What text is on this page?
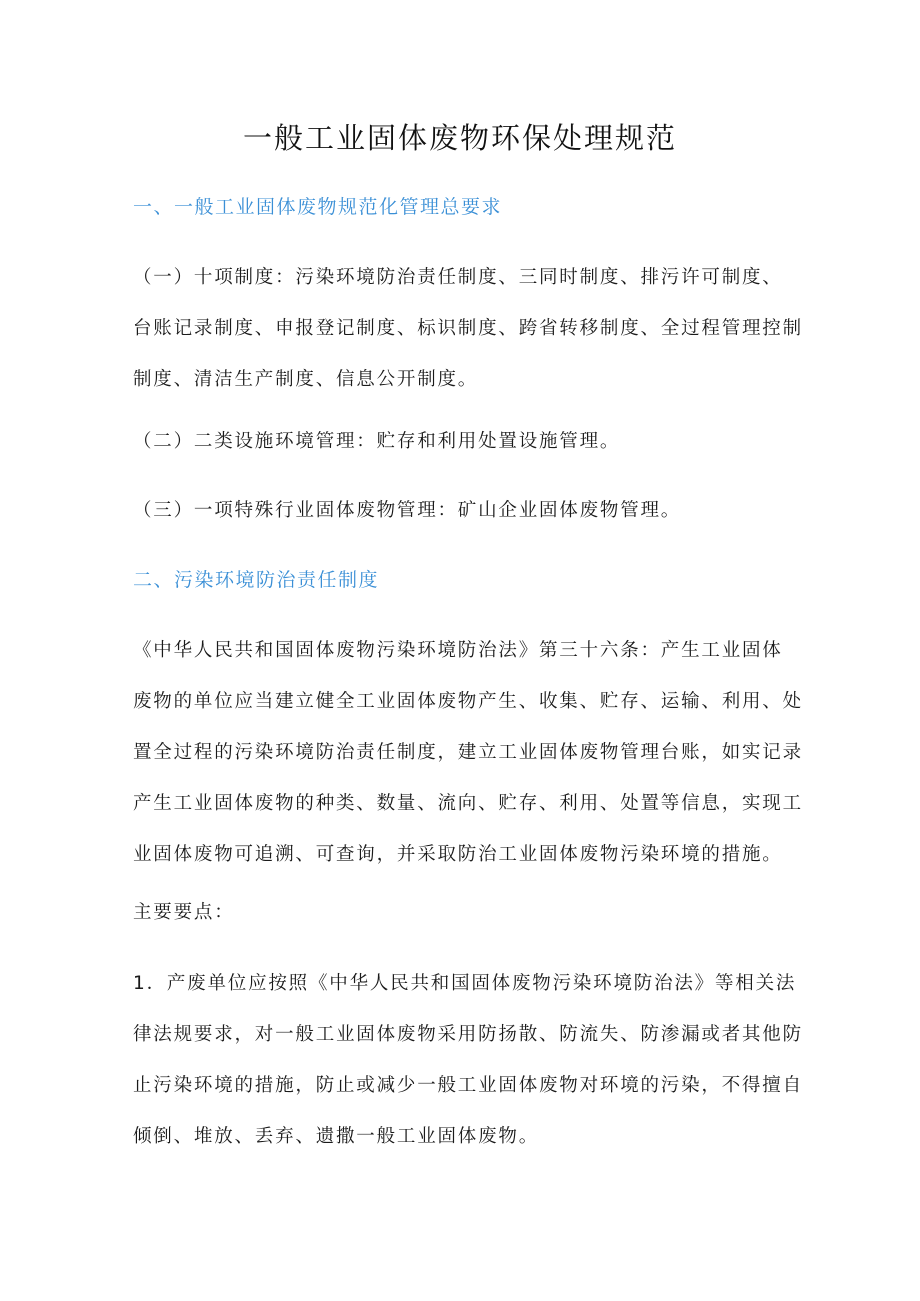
一般工业固体废物环保处理规范
一、一般工业固体废物规范化管理总要求
（一）十项制度：污染环境防治责任制度、三同时制度、排污许可制度、
台账记录制度、申报登记制度、标识制度、跨省转移制度、全过程管理控制
制度、清洁生产制度、信息公开制度。
（二）二类设施环境管理：贮存和利用处置设施管理。
（三）一项特殊行业固体废物管理：矿山企业固体废物管理。
二、污染环境防治责任制度
《中华人民共和国固体废物污染环境防治法》第三十六条：产生工业固体
废物的单位应当建立健全工业固体废物产生、收集、贮存、运输、利用、处
置全过程的污染环境防治责任制度，建立工业固体废物管理台账，如实记录
产生工业固体废物的种类、数量、流向、贮存、利用、处置等信息，实现工
业固体废物可追溯、可查询，并采取防治工业固体废物污染环境的措施。
主要要点：
1．产废单位应按照《中华人民共和国固体废物污染环境防治法》等相关法
律法规要求，对一般工业固体废物采用防扬散、防流失、防渗漏或者其他防
止污染环境的措施，防止或减少一般工业固体废物对环境的污染，不得擅自
倾倒、堆放、丢弃、遗撒一般工业固体废物。
